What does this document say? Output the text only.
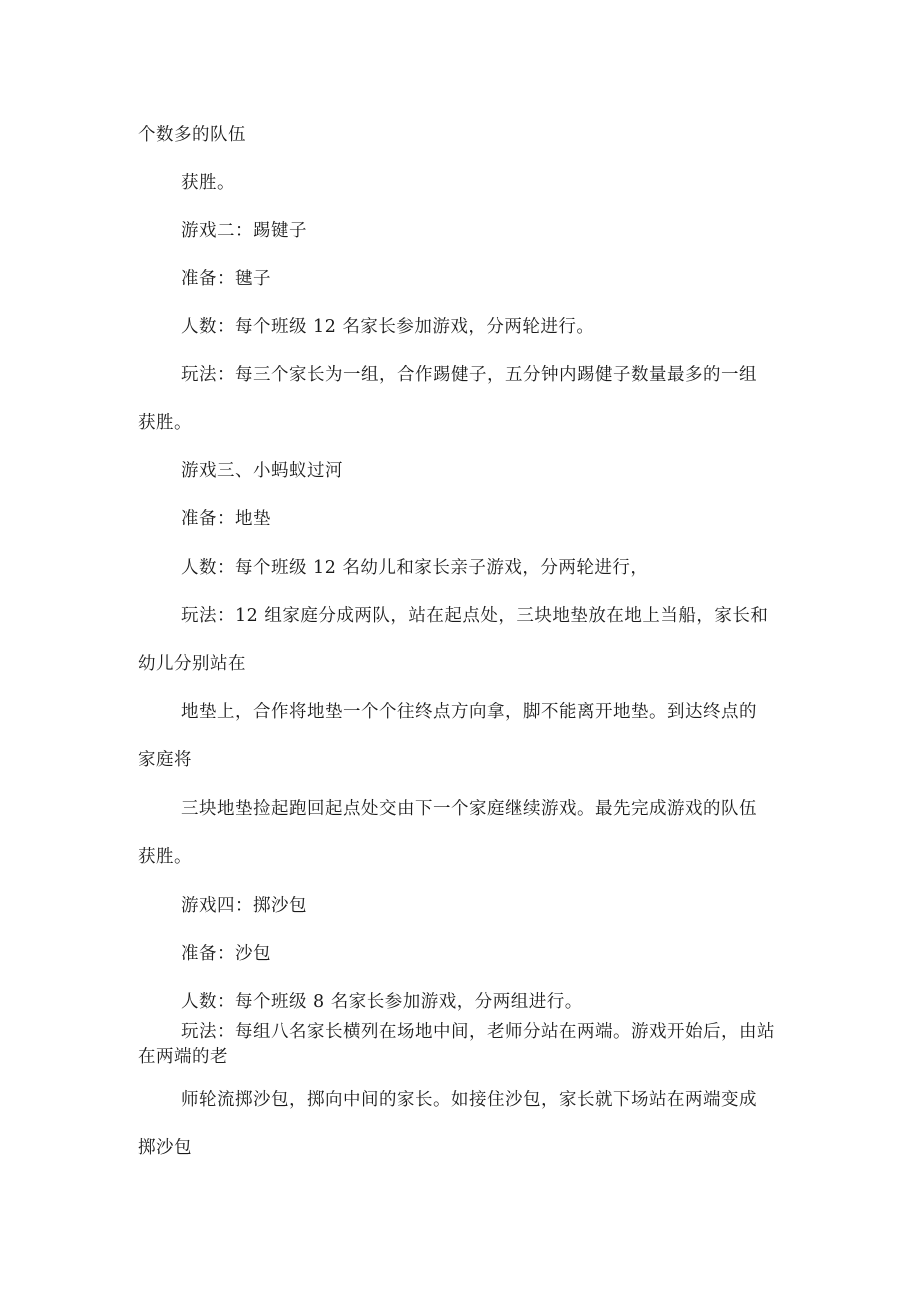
个数多的队伍
获胜。
游戏二：踢键子
准备：毽子
人数：每个班级 12 名家长参加游戏，分两轮进行。
玩法：每三个家长为一组，合作踢健子，五分钟内踢健子数量最多的一组
获胜。
游戏三、小蚂蚁过河
准备：地垫
人数：每个班级 12 名幼儿和家长亲子游戏，分两轮进行，
玩法：12 组家庭分成两队，站在起点处，三块地垫放在地上当船，家长和
幼儿分别站在
地垫上，合作将地垫一个个往终点方向拿，脚不能离开地垫。到达终点的
家庭将
三块地垫捡起跑回起点处交由下一个家庭继续游戏。最先完成游戏的队伍
获胜。
游戏四：掷沙包
准备：沙包
人数：每个班级 8 名家长参加游戏，分两组进行。
玩法：每组八名家长横列在场地中间，老师分站在两端。游戏开始后，由站
在两端的老
师轮流掷沙包，掷向中间的家长。如接住沙包，家长就下场站在两端变成
掷沙包
